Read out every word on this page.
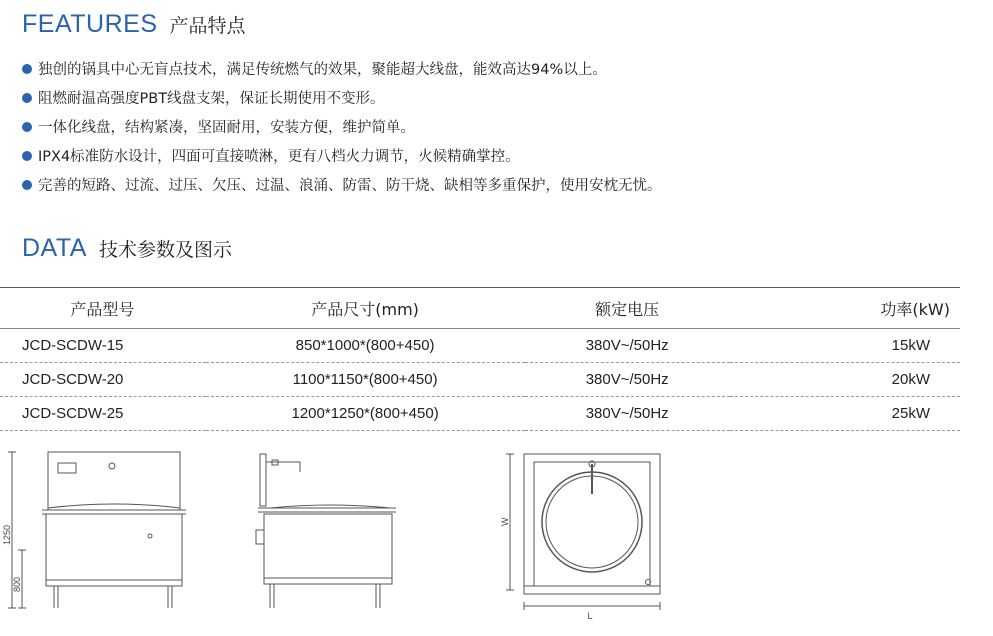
FEATURES 产品特点
独创的锅具中心无盲点技术，满足传统燃气的效果，聚能超大线盘，能效高达94%以上。
阻燃耐温高强度PBT线盘支架，保证长期使用不变形。
一体化线盘，结构紧凑，坚固耐用，安装方便，维护简单。
IPX4标准防水设计，四面可直接喷淋，更有八档火力调节，火候精确掌控。
完善的短路、过流、过压、欠压、过温、浪涌、防雷、防干烧、缺相等多重保护，使用安枕无忧。
DATA 技术参数及图示
产品型号	产品尺寸(mm)	额定电压	功率(kW)
JCD-SCDW-15	850*1000*(800+450)	380V~/50Hz	15kW
JCD-SCDW-20	1100*1150*(800+450)	380V~/50Hz	20kW
JCD-SCDW-25	1200*1250*(800+450)	380V~/50Hz	25kW
1250
800
W
L
